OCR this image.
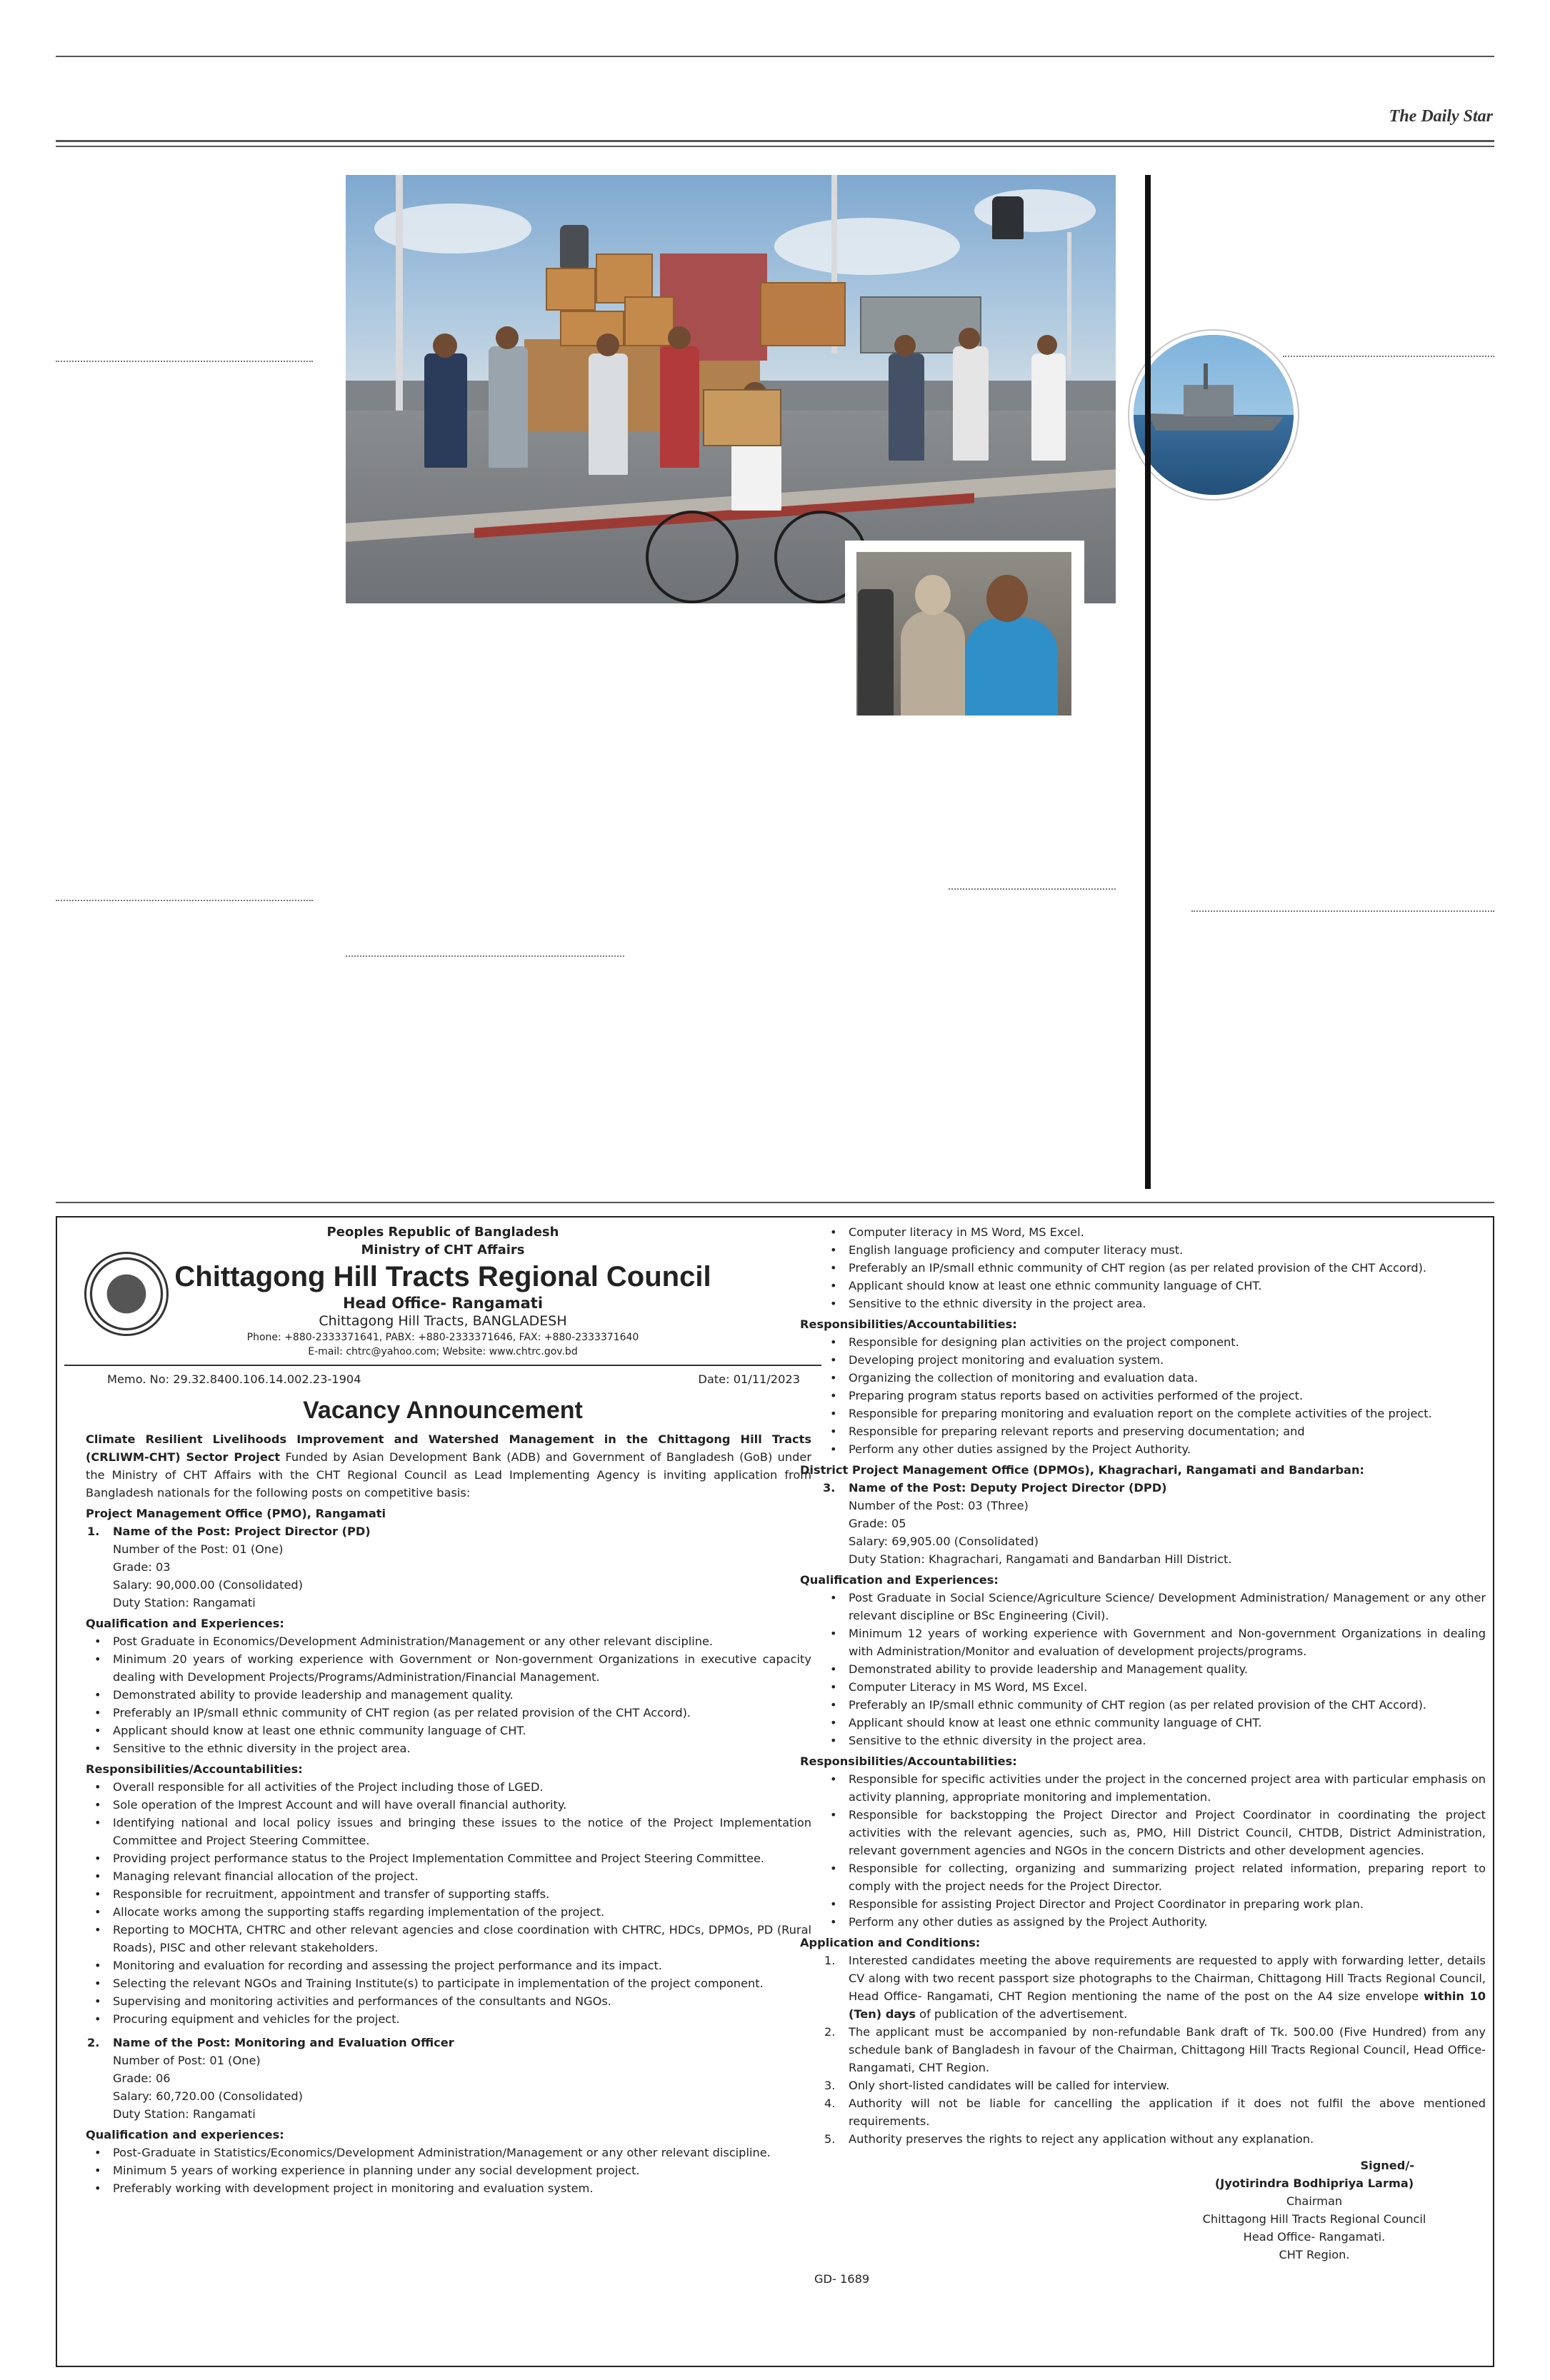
The Daily Star

Peoples Republic of Bangladesh

Ministry of CHT Affairs

Chittagong Hill Tracts Regional Council

Head Office- Rangamati

Chittagong Hill Tracts, BANGLADESH

Phone: +880-2333371641, PABX: +880-2333371646, FAX: +880-2333371640

E-mail: chtrc@yahoo.com; Website: www.chtrc.gov.bd

Memo. No: 29.32.8400.106.14.002.23-1904	Date: 01/11/2023

Vacancy Announcement

Climate Resilient Livelihoods Improvement and Watershed Management in the Chittagong Hill Tracts (CRLIWM-CHT) Sector Project Funded by Asian Development Bank (ADB) and Government of Bangladesh (GoB) under the Ministry of CHT Affairs with the CHT Regional Council as Lead Implementing Agency is inviting application from Bangladesh nationals for the following posts on competitive basis:

Project Management Office (PMO), Rangamati

1. Name of the Post: Project Director (PD)

Number of the Post: 01 (One)

Grade: 03

Salary: 90,000.00 (Consolidated)

Duty Station: Rangamati

Qualification and Experiences:

• Post Graduate in Economics/Development Administration/Management or any other relevant discipline.
• Minimum 20 years of working experience with Government or Non-government Organizations in executive capacity dealing with Development Projects/Programs/Administration/Financial Management.
• Demonstrated ability to provide leadership and management quality.
• Preferably an IP/small ethnic community of CHT region (as per related provision of the CHT Accord).
• Applicant should know at least one ethnic community language of CHT.
• Sensitive to the ethnic diversity in the project area.

Responsibilities/Accountabilities:

• Overall responsible for all activities of the Project including those of LGED.
• Sole operation of the Imprest Account and will have overall financial authority.
• Identifying national and local policy issues and bringing these issues to the notice of the Project Implementation Committee and Project Steering Committee.
• Providing project performance status to the Project Implementation Committee and Project Steering Committee.
• Managing relevant financial allocation of the project.
• Responsible for recruitment, appointment and transfer of supporting staffs.
• Allocate works among the supporting staffs regarding implementation of the project.
• Reporting to MOCHTA, CHTRC and other relevant agencies and close coordination with CHTRC, HDCs, DPMOs, PD (Rural Roads), PISC and other relevant stakeholders.
• Monitoring and evaluation for recording and assessing the project performance and its impact.
• Selecting the relevant NGOs and Training Institute(s) to participate in implementation of the project component.
• Supervising and monitoring activities and performances of the consultants and NGOs.
• Procuring equipment and vehicles for the project.

2. Name of the Post: Monitoring and Evaluation Officer

Number of Post: 01 (One)

Grade: 06

Salary: 60,720.00 (Consolidated)

Duty Station: Rangamati

Qualification and experiences:

• Post-Graduate in Statistics/Economics/Development Administration/Management or any other relevant discipline.
• Minimum 5 years of working experience in planning under any social development project.
• Preferably working with development project in monitoring and evaluation system.
• Computer literacy in MS Word, MS Excel.
• English language proficiency and computer literacy must.
• Preferably an IP/small ethnic community of CHT region (as per related provision of the CHT Accord).
• Applicant should know at least one ethnic community language of CHT.
• Sensitive to the ethnic diversity in the project area.

Responsibilities/Accountabilities:

• Responsible for designing plan activities on the project component.
• Developing project monitoring and evaluation system.
• Organizing the collection of monitoring and evaluation data.
• Preparing program status reports based on activities performed of the project.
• Responsible for preparing monitoring and evaluation report on the complete activities of the project.
• Responsible for preparing relevant reports and preserving documentation; and
• Perform any other duties assigned by the Project Authority.

District Project Management Office (DPMOs), Khagrachari, Rangamati and Bandarban:

3. Name of the Post: Deputy Project Director (DPD)

Number of the Post: 03 (Three)

Grade: 05

Salary: 69,905.00 (Consolidated)

Duty Station: Khagrachari, Rangamati and Bandarban Hill District.

Qualification and Experiences:

• Post Graduate in Social Science/Agriculture Science/ Development Administration/ Management or any other relevant discipline or BSc Engineering (Civil).
• Minimum 12 years of working experience with Government and Non-government Organizations in dealing with Administration/Monitor and evaluation of development projects/programs.
• Demonstrated ability to provide leadership and Management quality.
• Computer Literacy in MS Word, MS Excel.
• Preferably an IP/small ethnic community of CHT region (as per related provision of the CHT Accord).
• Applicant should know at least one ethnic community language of CHT.
• Sensitive to the ethnic diversity in the project area.

Responsibilities/Accountabilities:

• Responsible for specific activities under the project in the concerned project area with particular emphasis on activity planning, appropriate monitoring and implementation.
• Responsible for backstopping the Project Director and Project Coordinator in coordinating the project activities with the relevant agencies, such as, PMO, Hill District Council, CHTDB, District Administration, relevant government agencies and NGOs in the concern Districts and other development agencies.
• Responsible for collecting, organizing and summarizing project related information, preparing report to comply with the project needs for the Project Director.
• Responsible for assisting Project Director and Project Coordinator in preparing work plan.
• Perform any other duties as assigned by the Project Authority.

Application and Conditions:

1. Interested candidates meeting the above requirements are requested to apply with forwarding letter, details CV along with two recent passport size photographs to the Chairman, Chittagong Hill Tracts Regional Council, Head Office- Rangamati, CHT Region mentioning the name of the post on the A4 size envelope within 10 (Ten) days of publication of the advertisement.
2. The applicant must be accompanied by non-refundable Bank draft of Tk. 500.00 (Five Hundred) from any schedule bank of Bangladesh in favour of the Chairman, Chittagong Hill Tracts Regional Council, Head Office- Rangamati, CHT Region.
3. Only short-listed candidates will be called for interview.
4. Authority will not be liable for cancelling the application if it does not fulfil the above mentioned requirements.
5. Authority preserves the rights to reject any application without any explanation.

GD- 1689

Signed/-

(Jyotirindra Bodhipriya Larma)

Chairman

Chittagong Hill Tracts Regional Council

Head Office- Rangamati.

CHT Region.
